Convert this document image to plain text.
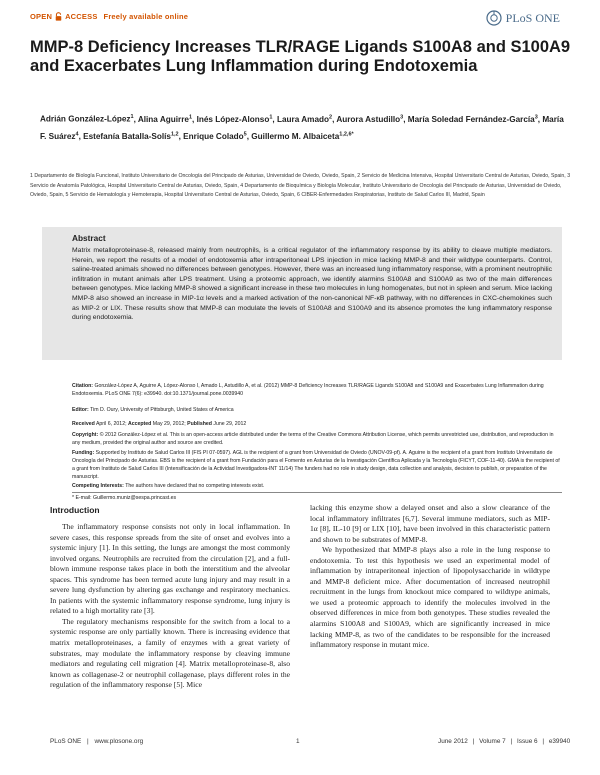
OPEN ACCESS Freely available online	PLoS ONE
MMP-8 Deficiency Increases TLR/RAGE Ligands S100A8 and S100A9 and Exacerbates Lung Inflammation during Endotoxemia
Adrián González-López$^1$, Alina Aguirre$^1$, Inés López-Alonso$^1$, Laura Amado$^2$, Aurora Astudillo$^3$, María Soledad Fernández-García$^3$, María F. Suárez$^4$, Estefanía Batalla-Solís$^{1,2}$, Enrique Colado$^5$, Guillermo M. Albaiceta$^{1,2,6*}$
1 Departamento de Biología Funcional, Instituto Universitario de Oncología del Principado de Asturias, Universidad de Oviedo, Oviedo, Spain, 2 Servicio de Medicina Intensiva, Hospital Universitario Central de Asturias, Oviedo, Spain, 3 Servicio de Anatomía Patológica, Hospital Universitario Central de Asturias, Oviedo, Spain, 4 Departamento de Bioquímica y Biología Molecular, Instituto Universitario de Oncología del Principado de Asturias, Universidad de Oviedo, Oviedo, Spain, 5 Servicio de Hematología y Hemoterapia, Hospital Universitario Central de Asturias, Oviedo, Spain, 6 CIBER-Enfermedades Respiratorias, Instituto de Salud Carlos III, Madrid, Spain
Abstract

Matrix metalloproteinase-8, released mainly from neutrophils, is a critical regulator of the inflammatory response by its ability to cleave multiple mediators. Herein, we report the results of a model of endotoxemia after intraperitoneal LPS injection in mice lacking MMP-8 and their wildtype counterparts. Control, saline-treated animals showed no differences between genotypes. However, there was an increased lung inflammatory response, with a prominent neutrophilic infiltration in mutant animals after LPS treatment. Using a proteomic approach, we identify alarmins S100A8 and S100A9 as two of the main differences between genotypes. Mice lacking MMP-8 showed a significant increase in these two molecules in lung homogenates, but not in spleen and serum. Mice lacking MMP-8 also showed an increase in MIP-1α levels and a marked activation of the non-canonical NF-κB pathway, with no differences in CXC-chemokines such as MIP-2 or LIX. These results show that MMP-8 can modulate the levels of S100A8 and S100A9 and its absence promotes the lung inflammatory response during endotoxemia.

Citation: González-López A, Aguirre A, López-Alonso I, Amado L, Astudillo A, et al. (2012) MMP-8 Deficiency Increases TLR/RAGE Ligands S100A8 and S100A9 and Exacerbates Lung Inflammation during Endotoxemia. PLoS ONE 7(6): e39940. doi:10.1371/journal.pone.0039940
Editor: Tim D. Oury, University of Pittsburgh, United States of America
Received April 6, 2012; Accepted May 29, 2012; Published June 29, 2012
Copyright: © 2012 González-López et al. This is an open-access article distributed under the terms of the Creative Commons Attribution License, which permits unrestricted use, distribution, and reproduction in any medium, provided the original author and source are credited.
Funding: Supported by Instituto de Salud Carlos III (FIS PI 07-0597). AGL is the recipient of a grant from Universidad de Oviedo (UNOV-09-pf). A. Aguirre is the recipient of a grant from Instituto Universitario de Oncología del Principado de Asturias. EBS is the recipient of a grant from Fundación para el Fomento en Asturias de la Investigación Científica Aplicada y la Tecnología (FICYT, COF-11-40). GMA is the recipient of a grant from Instituto de Salud Carlos III (Intensificación de la Actividad Investigadora-INT 11/14) The funders had no role in study design, data collection and analysis, decision to publish, or preparation of the manuscript.
Competing Interests: The authors have declared that no competing interests exist.
* E-mail: Guillermo.muniz@sespa.princast.es
Introduction

The inflammatory response consists not only in local inflammation. In severe cases, this response spreads from the site of onset and evolves into a systemic injury [1]. In this setting, the lungs are amongst the most commonly involved organs. Neutrophils are recruited from the circulation [2], and a full-blown immune response takes place in both the interstitium and the alveolar spaces. This syndrome has been termed acute lung injury and may result in a severe lung dysfunction by altering gas exchange and respiratory mechanics. In patients with the systemic inflammatory response syndrome, lung injury is related to a high mortality rate [3].

The regulatory mechanisms responsible for the switch from a local to a systemic response are only partially known. There is increasing evidence that matrix metalloproteinases, a family of enzymes with a great variety of substrates, may modulate the inflammatory response by cleaving immune mediators and regulating cell migration [4]. Matrix metalloproteinase-8, also known as collagenase-2 or neutrophil collagenase, plays different roles in the regulation of the inflammatory response [5]. Mice

lacking this enzyme show a delayed onset and also a slow clearance of the local inflammatory infiltrates [6,7]. Several immune mediators, such as MIP-1α [8], IL-10 [9] or LIX [10], have been involved in this characteristic pattern and shown to be substrates of MMP-8.

We hypothesized that MMP-8 plays also a role in the lung response to endotoxemia. To test this hypothesis we used an experimental model of inflammation by intraperitoneal injection of lipopolysaccharide in wildtype and MMP-8 deficient mice. After documentation of increased neutrophil recruitment in the lungs from knockout mice compared to wildtype animals, we used a proteomic approach to identify the molecules involved in the observed differences in mice from both genotypes. These studies revealed the alarmins S100A8 and S100A9, which are significantly increased in mice lacking MMP-8, as two of the candidates to be responsible for the increased inflammatory response in mutant mice.

PLoS ONE | www.plosone.org	1	June 2012 | Volume 7 | Issue 6 | e39940
